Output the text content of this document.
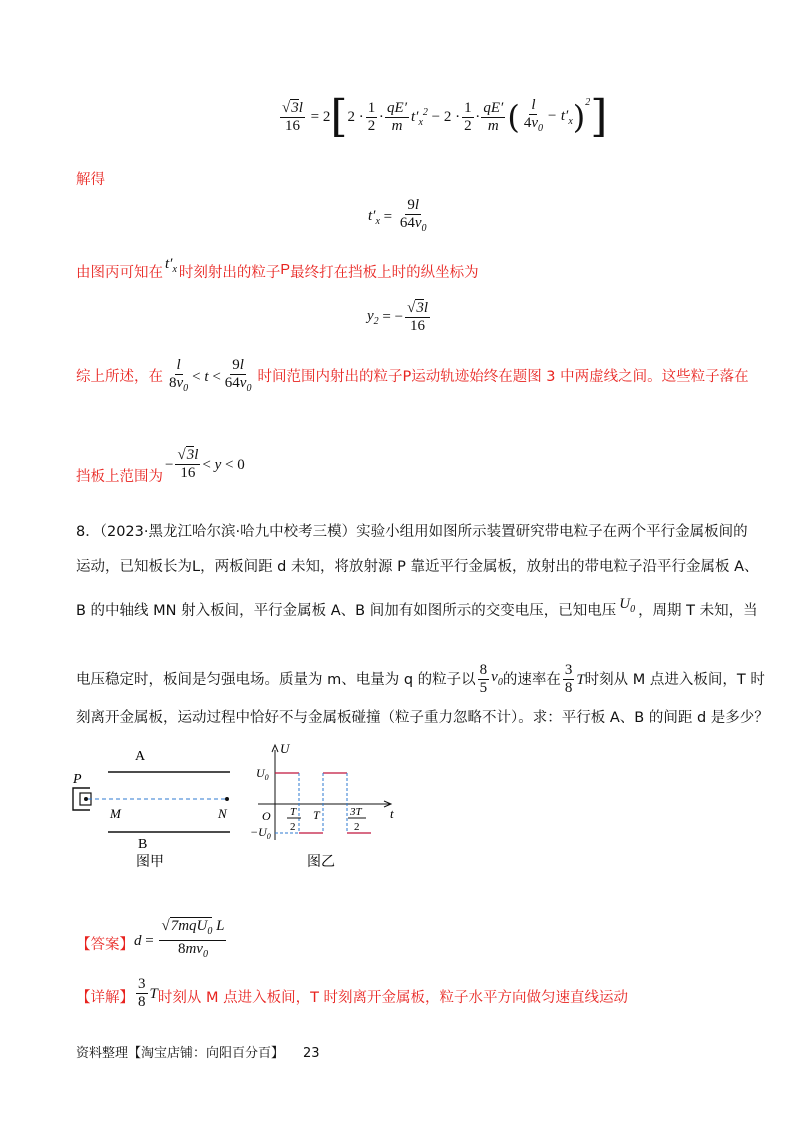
$\frac{√3l}{16} = 2$ [ $2 \cdot \frac{1}{2} \cdot \frac{qE'}{m} t'_x^2 - 2 \cdot \frac{1}{2} \cdot \frac{qE'}{m}$ ( $\frac{l}{4v_0} - t'_x$ )$^2$ ]
解得
$t'_x = \frac{9l}{64v_0}$
由图丙可知在
$t'_x$ 时刻射出的粒子 P 最终打在挡板上时的纵坐标为
$y_2$ = − $\frac{√3l}{16}$
综上所述，在 $\frac{l}{8v_0} < t < \frac{9l}{64v_0}$ 时间范围内射出的粒子 P 运动轨迹始终在题图 3 中两虚线之间。这些粒子落在
挡板上范围为
− $\frac{√3l}{16} < y < 0$
8．（2023·黑龙江哈尔滨·哈九中校考三模）实验小组用如图所示装置研究带电粒子在两个平行金属板间的
运动，已知板长为L，两板间距 d 未知，将放射源 P 靠近平行金属板，放射出的带电粒子沿平行金属板 A、
B 的中轴线 MN 射入板间，平行金属板 A、B 间加有如图所示的交变电压，已知电压 $U_0$ ，周期 T 未知，当
电压稳定时，板间是匀强电场。质量为 m、电量为 q 的粒子以 $\frac{8}{5} v_0$ 的速率在 $\frac{3}{8}$ T 时刻从 M 点进入板间，T 时
刻离开金属板，运动过程中恰好不与金属板碰撞（粒子重力忽略不计）。求：平行板 A、B 的间距 d 是多少？
A
P
M	N
B
图甲
U
t
O
$U_0$
$-U_0$
T
2
T	3T
2
图乙
【答案】 $d = \frac{√7mqU_0 L}{8mv_0}$
【详解】 $\frac{3}{8}$ T 时刻从 M 点进入板间，T 时刻离开金属板，粒子水平方向做匀速直线运动
资料整理【淘宝店铺：向阳百分百】 23
